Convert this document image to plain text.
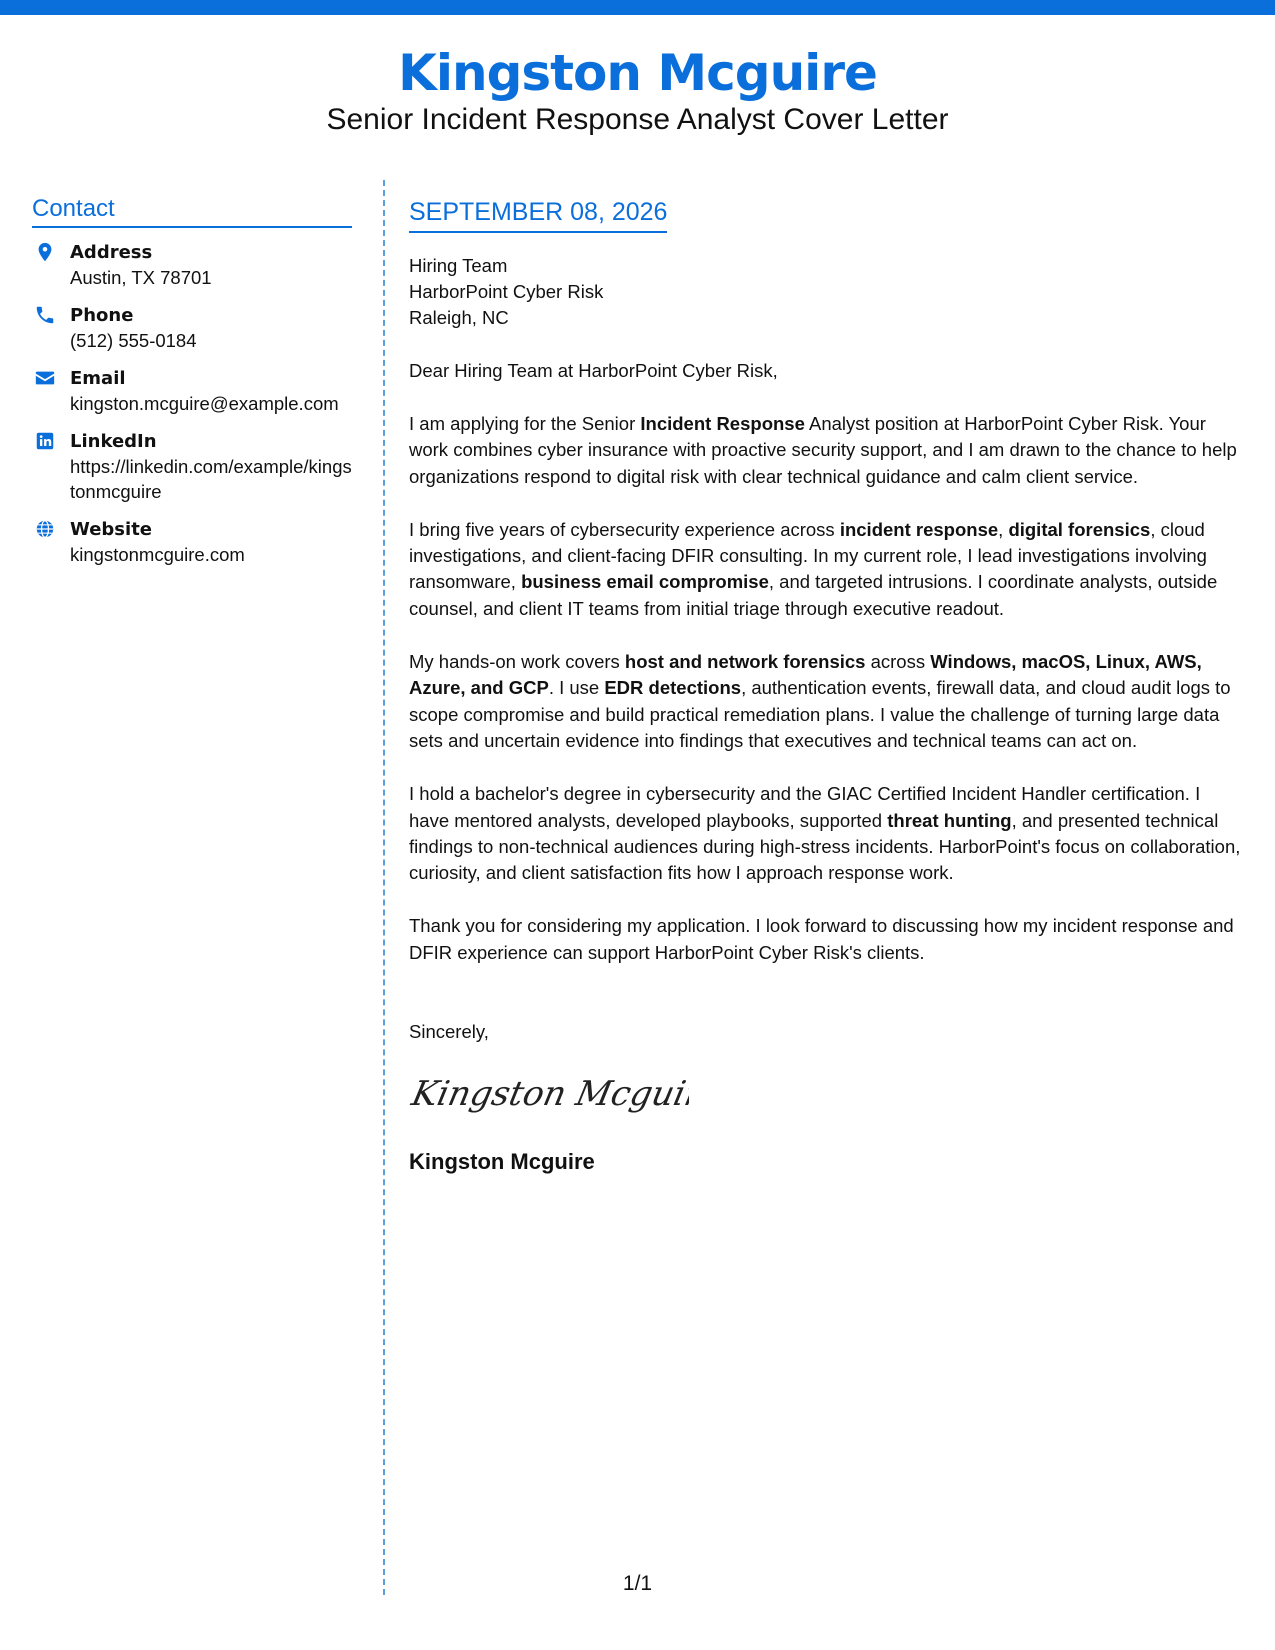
Kingston Mcguire
Senior Incident Response Analyst Cover Letter
Contact
Address
Austin, TX 78701
Phone
(512) 555-0184
Email
kingston.mcguire@example.com
LinkedIn
https://linkedin.com/example/kingstonmcguire
Website
kingstonmcguire.com
SEPTEMBER 08, 2026
Hiring Team
HarborPoint Cyber Risk
Raleigh, NC
Dear Hiring Team at HarborPoint Cyber Risk,
I am applying for the Senior Incident Response Analyst position at HarborPoint Cyber Risk. Your work combines cyber insurance with proactive security support, and I am drawn to the chance to help organizations respond to digital risk with clear technical guidance and calm client service.
I bring five years of cybersecurity experience across incident response, digital forensics, cloud investigations, and client-facing DFIR consulting. In my current role, I lead investigations involving ransomware, business email compromise, and targeted intrusions. I coordinate analysts, outside counsel, and client IT teams from initial triage through executive readout.
My hands-on work covers host and network forensics across Windows, macOS, Linux, AWS, Azure, and GCP. I use EDR detections, authentication events, firewall data, and cloud audit logs to scope compromise and build practical remediation plans. I value the challenge of turning large data sets and uncertain evidence into findings that executives and technical teams can act on.
I hold a bachelor's degree in cybersecurity and the GIAC Certified Incident Handler certification. I have mentored analysts, developed playbooks, supported threat hunting, and presented technical findings to non-technical audiences during high-stress incidents. HarborPoint's focus on collaboration, curiosity, and client satisfaction fits how I approach response work.
Thank you for considering my application. I look forward to discussing how my incident response and DFIR experience can support HarborPoint Cyber Risk's clients.
Sincerely,
Kingston Mcguir
Kingston Mcguire
1/1
